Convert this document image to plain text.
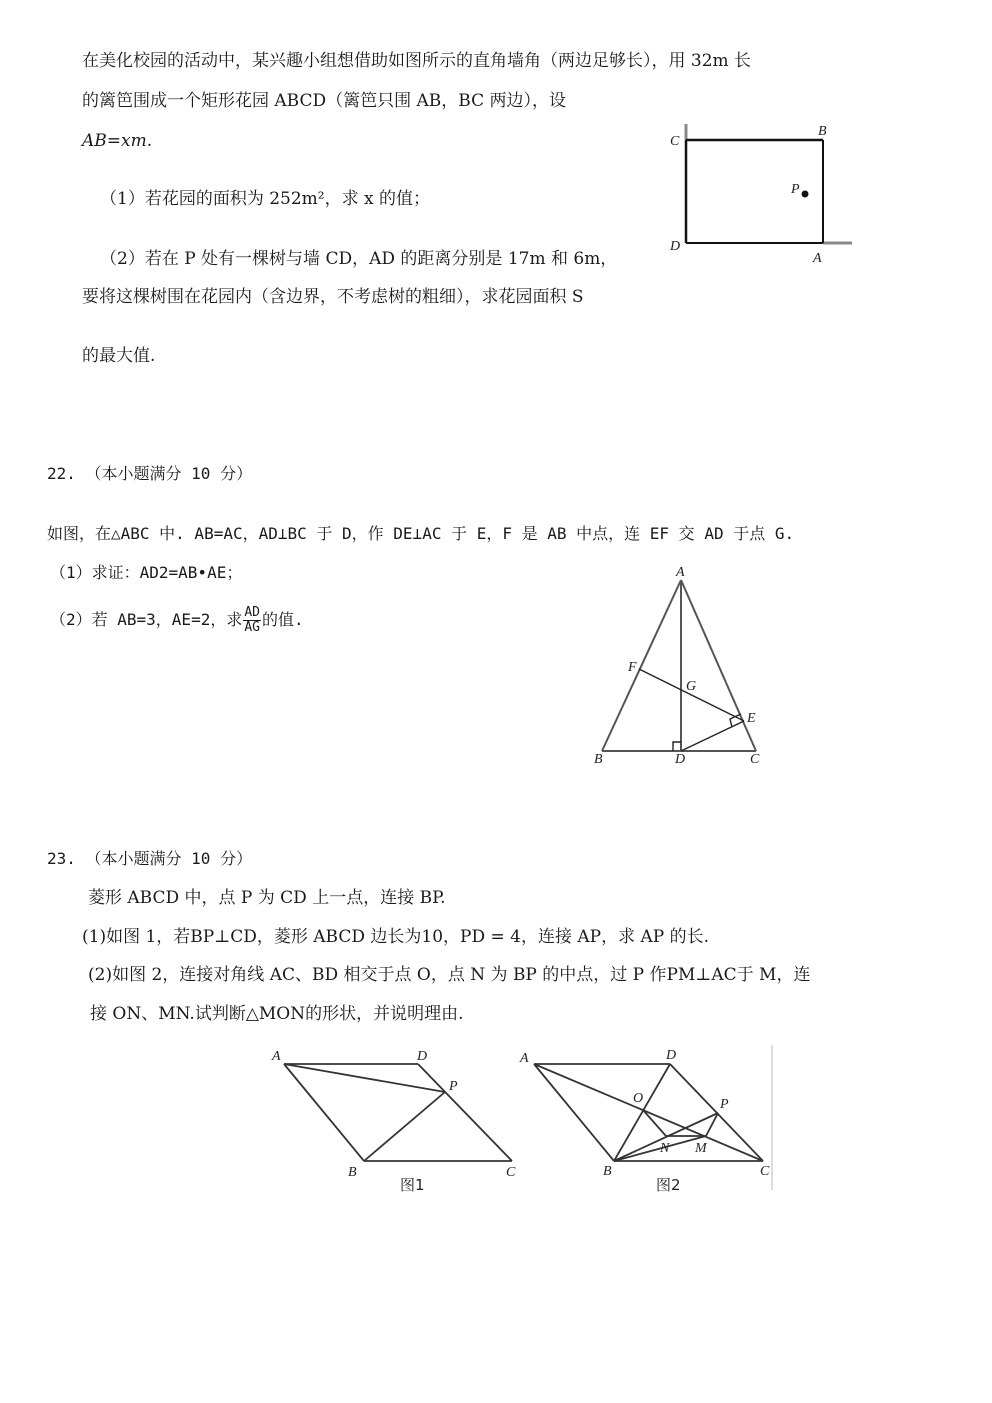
在美化校园的活动中，某兴趣小组想借助如图所示的直角墙角（两边足够长），用 32m 长
的篱笆围成一个矩形花园 ABCD（篱笆只围 AB，BC 两边），设
AB=xm.
（1）若花园的面积为 252m²，求 x 的值；
（2）若在 P 处有一棵树与墙 CD，AD 的距离分别是 17m 和 6m，
要将这棵树围在花园内（含边界，不考虑树的粗细），求花园面积 S
的最大值.
C
B
P
D
A
22. （本小题满分 10 分）
如图，在△ABC 中. AB=AC，AD⊥BC 于 D，作 DE⊥AC 于 E，F 是 AB 中点，连 EF 交 AD 于点 G.
（1）求证：AD2=AB•AE；
（2）若 AB=3，AE=2，求 $\frac{AD}{AG}$ 的值.
A
F
G
E
B	D	C
23. （本小题满分 10 分）
菱形 ABCD 中，点 P 为 CD 上一点，连接 BP.
(1)如图 1，若BP⊥CD，菱形 ABCD 边长为10，PD = 4，连接 AP，求 AP 的长.
(2)如图 2，连接对角线 AC、BD 相交于点 O，点 N 为 BP 的中点，过 P 作PM⊥AC于 M，连
接 ON、MN.试判断△MON的形状，并说明理由.
A	D
P
B	C
图1
A	D
O	P
N M
B	C
图2
